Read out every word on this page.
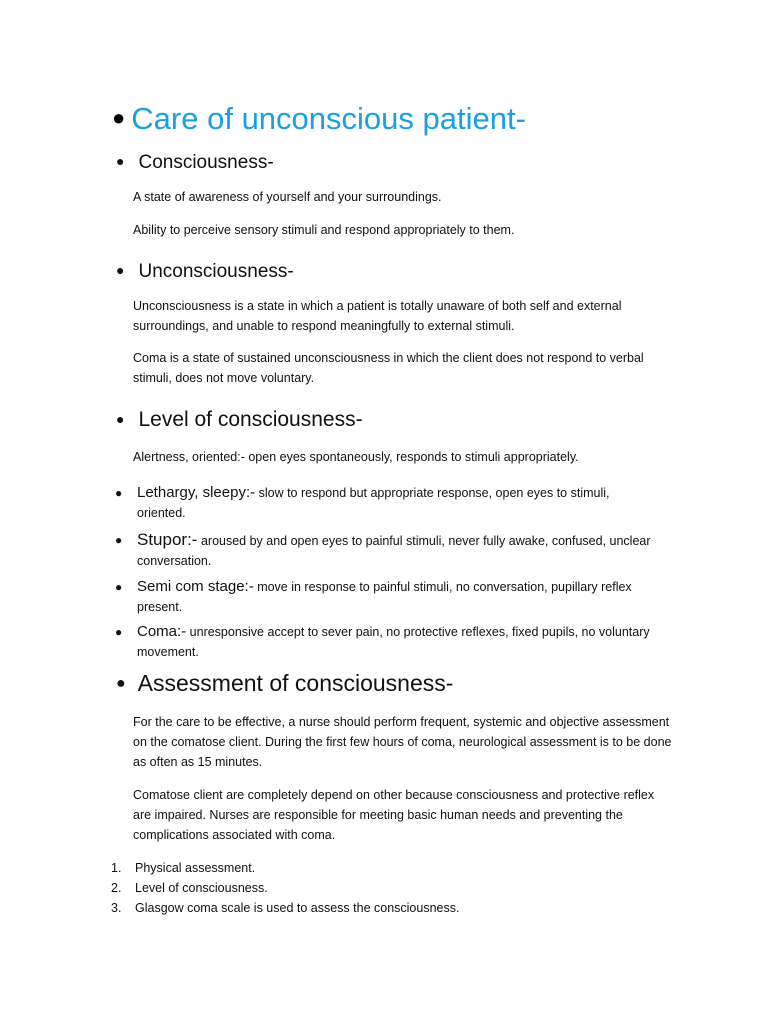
● Care of unconscious patient-
● Consciousness-
A state of awareness of yourself and your surroundings.
Ability to perceive sensory stimuli and respond appropriately to them.
● Unconsciousness-
Unconsciousness is a state in which a patient is totally unaware of both self and external surroundings, and unable to respond meaningfully to external stimuli.
Coma is a state of sustained unconsciousness in which the client does not respond to verbal stimuli, does not move voluntary.
● Level of consciousness-
Alertness, oriented:- open eyes spontaneously, responds to stimuli appropriately.
● Lethargy, sleepy:- slow to respond but appropriate response, open eyes to stimuli, oriented.
● Stupor:- aroused by and open eyes to painful stimuli, never fully awake, confused, unclear conversation.
● Semi com stage:- move in response to painful stimuli, no conversation, pupillary reflex present.
● Coma:- unresponsive accept to sever pain, no protective reflexes, fixed pupils, no voluntary movement.
● Assessment of consciousness-
For the care to be effective, a nurse should perform frequent, systemic and objective assessment on the comatose client. During the first few hours of coma, neurological assessment is to be done as often as 15 minutes.
Comatose client are completely depend on other because consciousness and protective reflex are impaired. Nurses are responsible for meeting basic human needs and preventing the complications associated with coma.
1. Physical assessment.
2. Level of consciousness.
3. Glasgow coma scale is used to assess the consciousness.
